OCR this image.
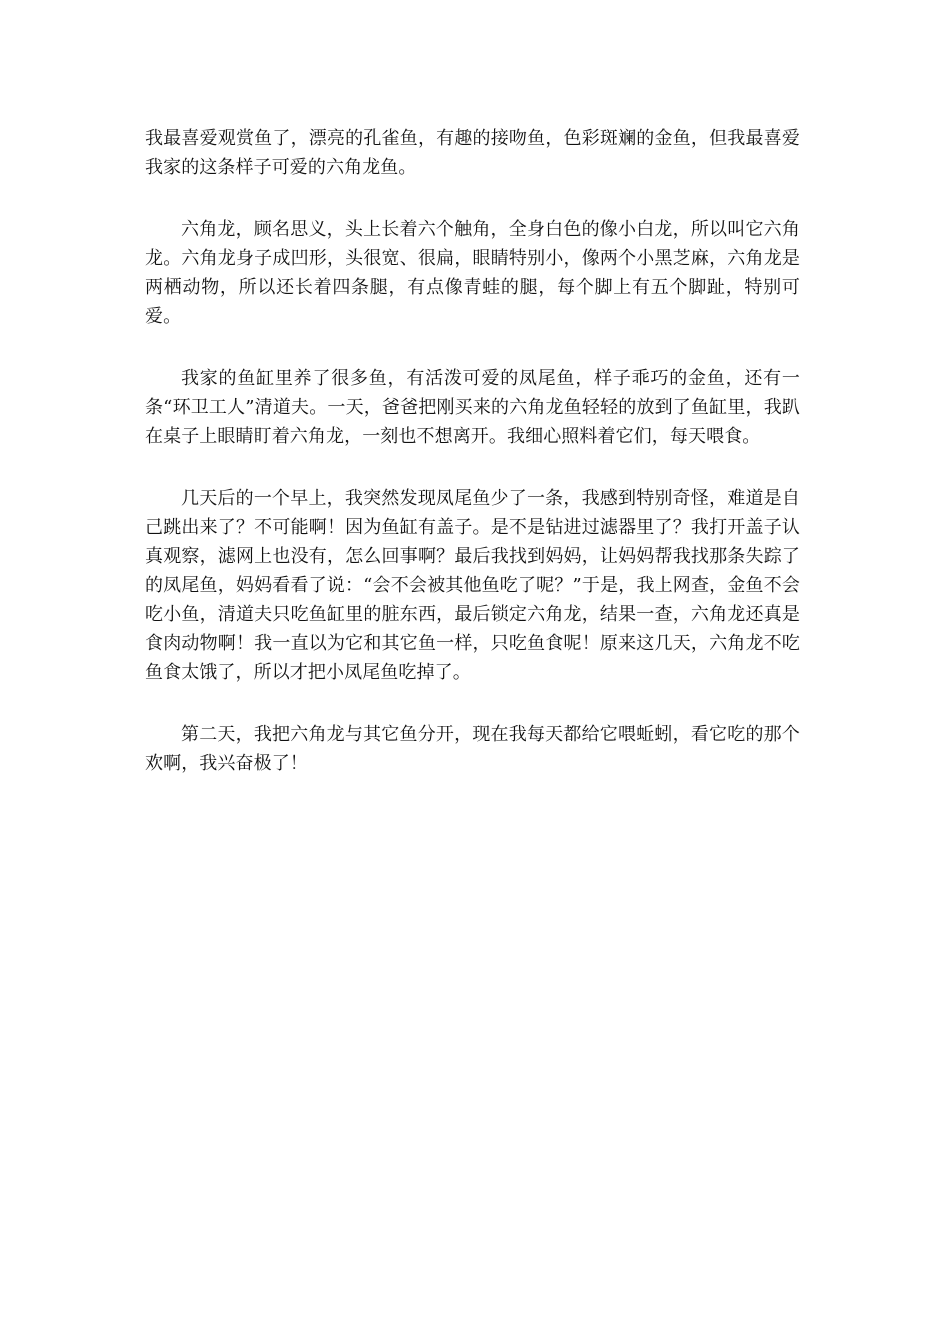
我最喜爱观赏鱼了，漂亮的孔雀鱼，有趣的接吻鱼，色彩斑斓的金鱼，但我最喜爱我家的这条样子可爱的六角龙鱼。

六角龙，顾名思义，头上长着六个触角，全身白色的像小白龙，所以叫它六角龙。六角龙身子成凹形，头很宽、很扁，眼睛特别小，像两个小黑芝麻，六角龙是两栖动物，所以还长着四条腿，有点像青蛙的腿，每个脚上有五个脚趾，特别可爱。

我家的鱼缸里养了很多鱼，有活泼可爱的凤尾鱼，样子乖巧的金鱼，还有一条“环卫工人”清道夫。一天，爸爸把刚买来的六角龙鱼轻轻的放到了鱼缸里，我趴在桌子上眼睛盯着六角龙，一刻也不想离开。我细心照料着它们，每天喂食。

几天后的一个早上，我突然发现凤尾鱼少了一条，我感到特别奇怪，难道是自己跳出来了？不可能啊！因为鱼缸有盖子。是不是钻进过滤器里了？我打开盖子认真观察，滤网上也没有，怎么回事啊？最后我找到妈妈，让妈妈帮我找那条失踪了的凤尾鱼，妈妈看看了说：“会不会被其他鱼吃了呢？”于是，我上网查，金鱼不会吃小鱼，清道夫只吃鱼缸里的脏东西，最后锁定六角龙，结果一查，六角龙还真是食肉动物啊！我一直以为它和其它鱼一样，只吃鱼食呢！原来这几天，六角龙不吃鱼食太饿了，所以才把小凤尾鱼吃掉了。

第二天，我把六角龙与其它鱼分开，现在我每天都给它喂蚯蚓，看它吃的那个欢啊，我兴奋极了！
